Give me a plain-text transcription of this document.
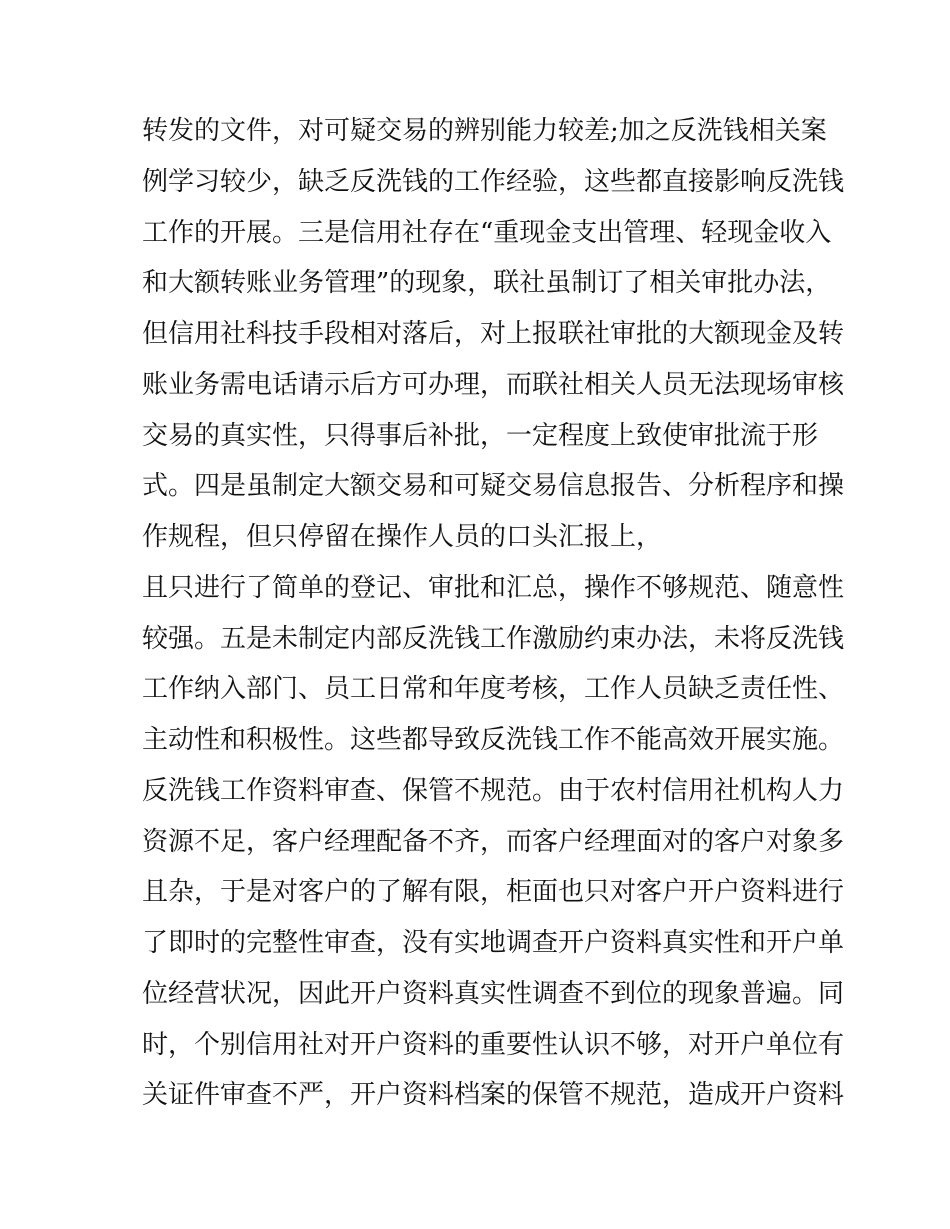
转发的文件，对可疑交易的辨别能力较差;加之反洗钱相关案
例学习较少，缺乏反洗钱的工作经验，这些都直接影响反洗钱
工作的开展。三是信用社存在“重现金支出管理、轻现金收入
和大额转账业务管理”的现象，联社虽制订了相关审批办法，
但信用社科技手段相对落后，对上报联社审批的大额现金及转
账业务需电话请示后方可办理，而联社相关人员无法现场审核
交易的真实性，只得事后补批，一定程度上致使审批流于形
式。四是虽制定大额交易和可疑交易信息报告、分析程序和操
作规程，但只停留在操作人员的口头汇报上，
且只进行了简单的登记、审批和汇总，操作不够规范、随意性
较强。五是未制定内部反洗钱工作激励约束办法，未将反洗钱
工作纳入部门、员工日常和年度考核，工作人员缺乏责任性、
主动性和积极性。这些都导致反洗钱工作不能高效开展实施。
反洗钱工作资料审查、保管不规范。由于农村信用社机构人力
资源不足，客户经理配备不齐，而客户经理面对的客户对象多
且杂，于是对客户的了解有限，柜面也只对客户开户资料进行
了即时的完整性审查，没有实地调查开户资料真实性和开户单
位经营状况，因此开户资料真实性调查不到位的现象普遍。同
时，个别信用社对开户资料的重要性认识不够，对开户单位有
关证件审查不严，开户资料档案的保管不规范，造成开户资料
